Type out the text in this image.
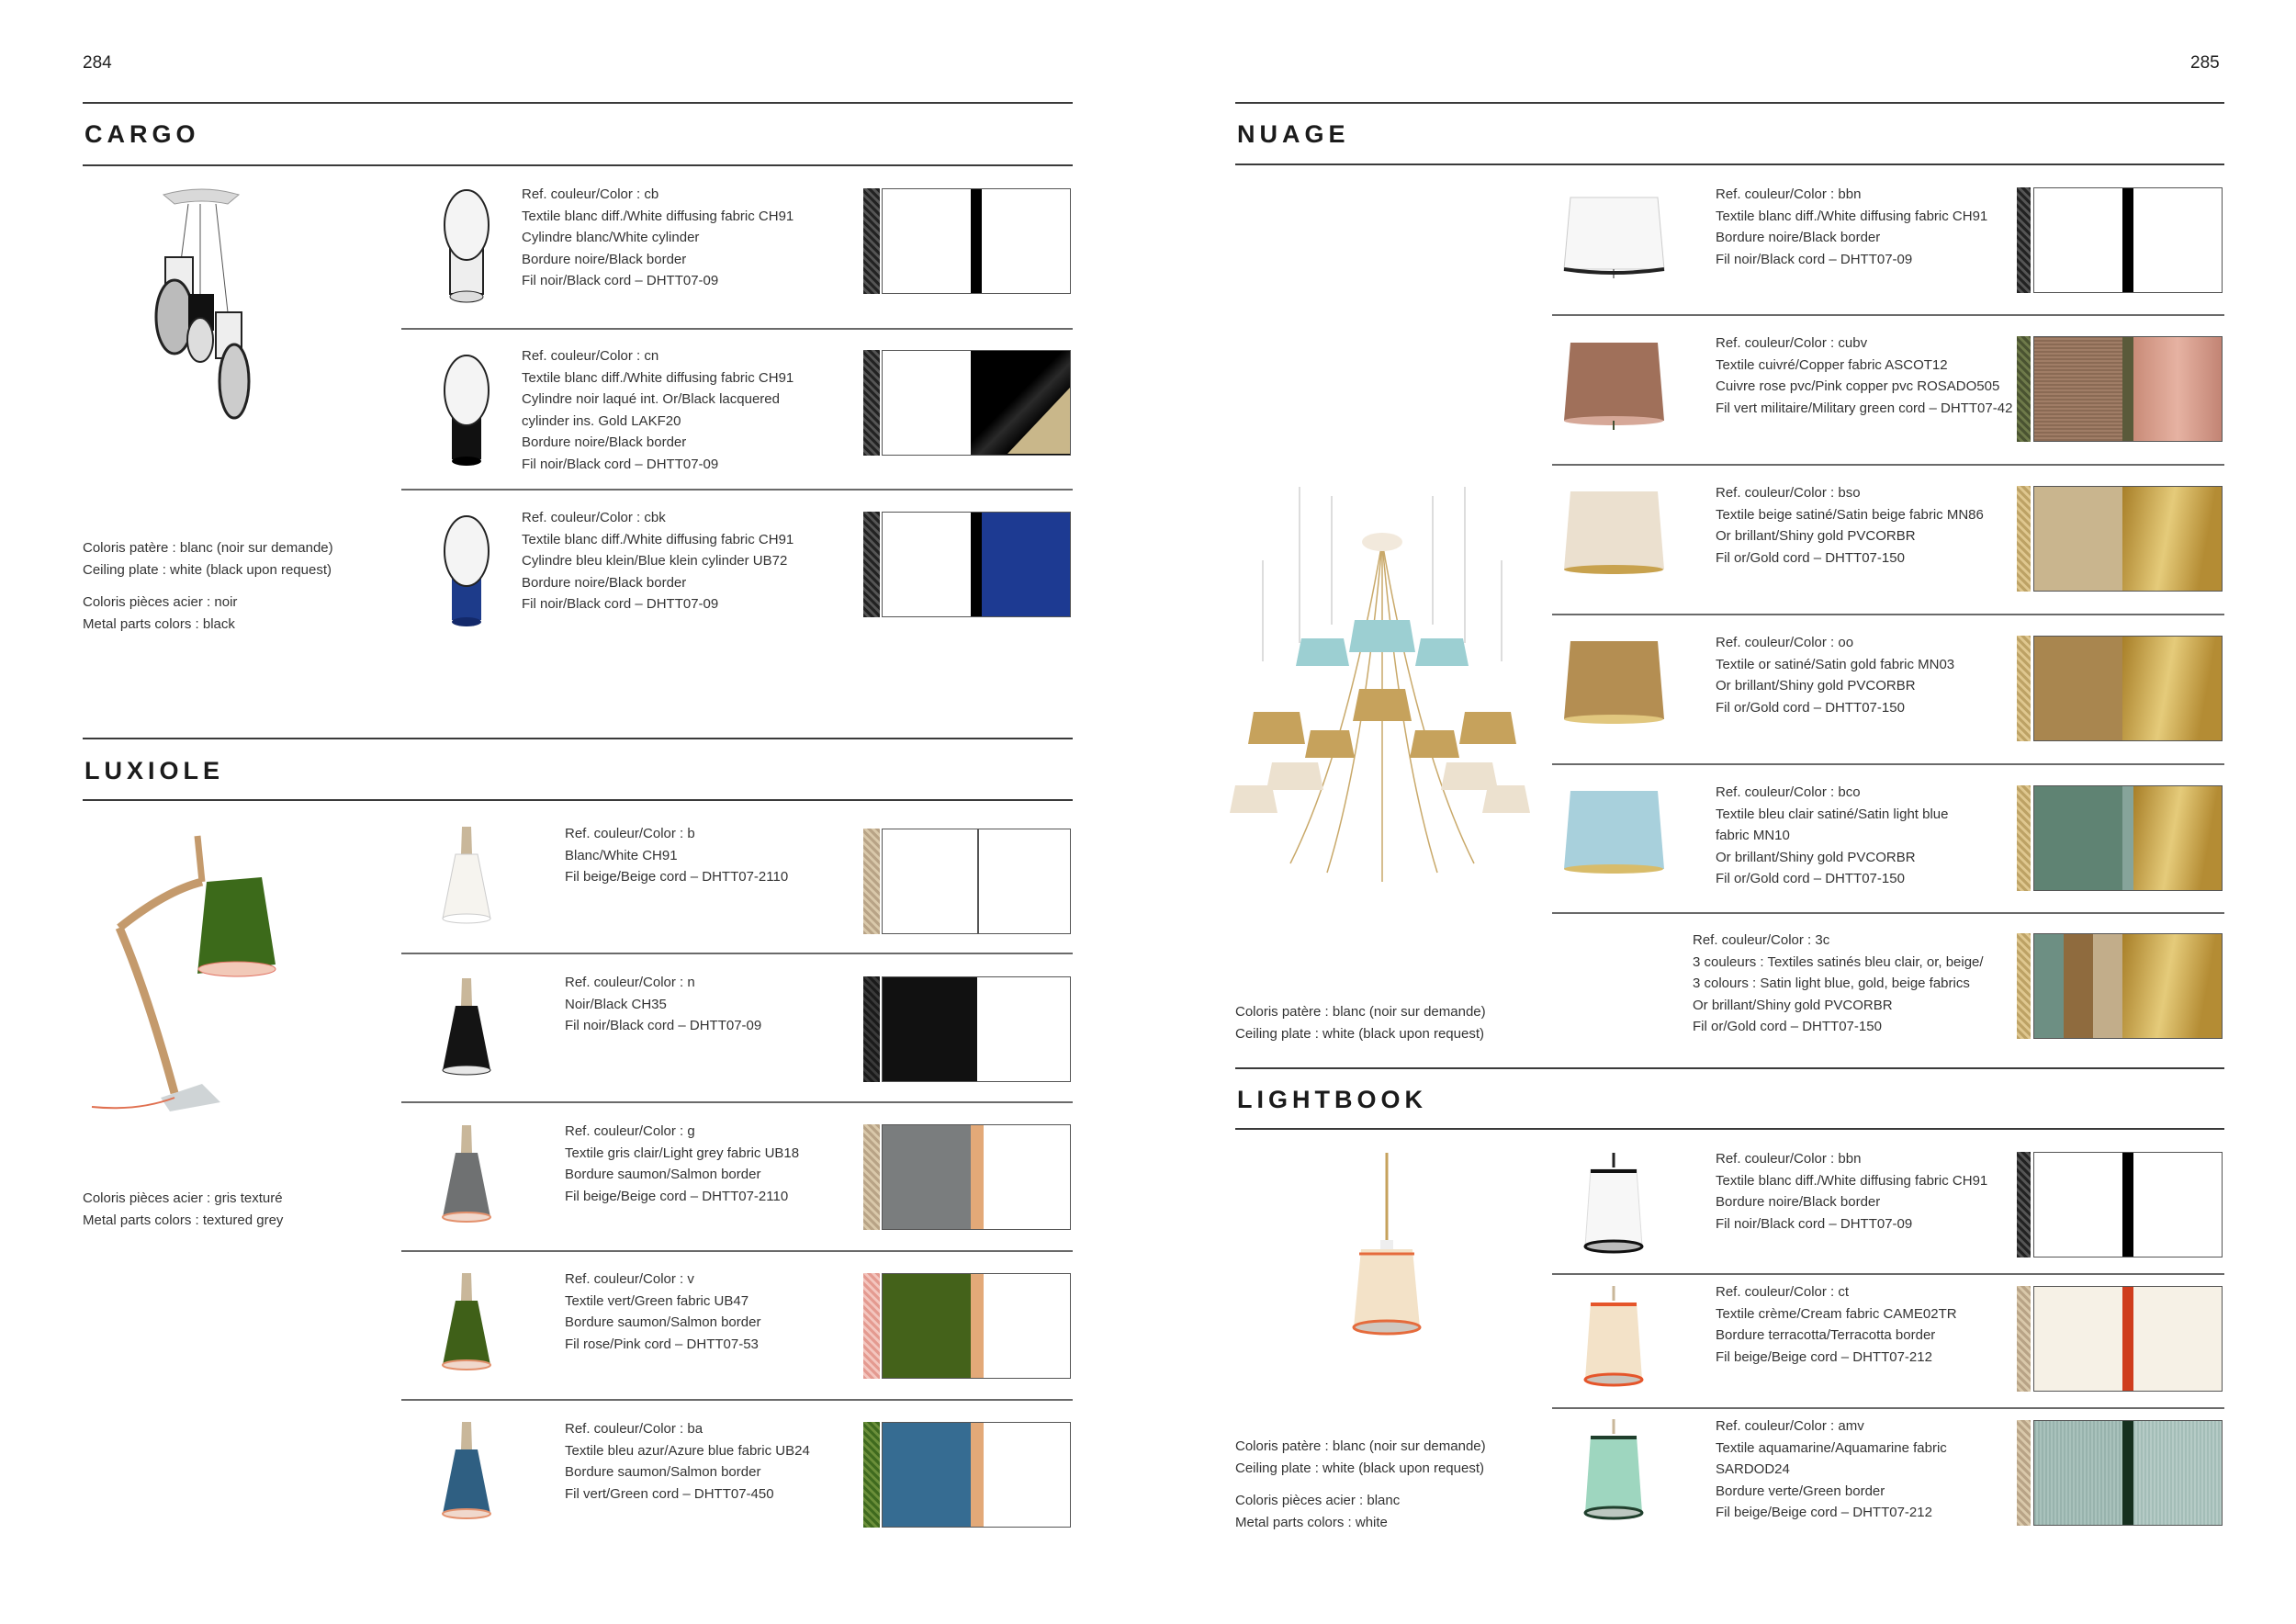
284	285
CARGO
Coloris patère : blanc (noir sur demande)
Ceiling plate : white (black upon request)
Coloris pièces acier : noir
Metal parts colors : black
Ref. couleur/Color : cb
Textile blanc diff./White diffusing fabric CH91
Cylindre blanc/White cylinder
Bordure noire/Black border
Fil noir/Black cord – DHTT07-09
Ref. couleur/Color : cn
Textile blanc diff./White diffusing fabric CH91
Cylindre noir laqué int. Or/Black lacquered
cylinder ins. Gold LAKF20
Bordure noire/Black border
Fil noir/Black cord – DHTT07-09
Ref. couleur/Color : cbk
Textile blanc diff./White diffusing fabric CH91
Cylindre bleu klein/Blue klein cylinder UB72
Bordure noire/Black border
Fil noir/Black cord – DHTT07-09
LUXIOLE
Coloris pièces acier : gris texturé
Metal parts colors : textured grey
Ref. couleur/Color : b
Blanc/White CH91
Fil beige/Beige cord – DHTT07-2110
Ref. couleur/Color : n
Noir/Black CH35
Fil noir/Black cord – DHTT07-09
Ref. couleur/Color : g
Textile gris clair/Light grey fabric UB18
Bordure saumon/Salmon border
Fil beige/Beige cord – DHTT07-2110
Ref. couleur/Color : v
Textile vert/Green fabric UB47
Bordure saumon/Salmon border
Fil rose/Pink cord – DHTT07-53
Ref. couleur/Color : ba
Textile bleu azur/Azure blue fabric UB24
Bordure saumon/Salmon border
Fil vert/Green cord – DHTT07-450
NUAGE
Coloris patère : blanc (noir sur demande)
Ceiling plate : white (black upon request)
Ref. couleur/Color : bbn
Textile blanc diff./White diffusing fabric CH91
Bordure noire/Black border
Fil noir/Black cord – DHTT07-09
Ref. couleur/Color : cubv
Textile cuivré/Copper fabric ASCOT12
Cuivre rose pvc/Pink copper pvc ROSADO505
Fil vert militaire/Military green cord – DHTT07-42
Ref. couleur/Color : bso
Textile beige satiné/Satin beige fabric MN86
Or brillant/Shiny gold PVCORBR
Fil or/Gold cord – DHTT07-150
Ref. couleur/Color : oo
Textile or satiné/Satin gold fabric MN03
Or brillant/Shiny gold PVCORBR
Fil or/Gold cord – DHTT07-150
Ref. couleur/Color : bco
Textile bleu clair satiné/Satin light blue
fabric MN10
Or brillant/Shiny gold PVCORBR
Fil or/Gold cord – DHTT07-150
Ref. couleur/Color : 3c
3 couleurs : Textiles satinés bleu clair, or, beige/
3 colours : Satin light blue, gold, beige fabrics
Or brillant/Shiny gold PVCORBR
Fil or/Gold cord – DHTT07-150
LIGHTBOOK
Coloris patère : blanc (noir sur demande)
Ceiling plate : white (black upon request)
Coloris pièces acier : blanc
Metal parts colors : white
Ref. couleur/Color : bbn
Textile blanc diff./White diffusing fabric CH91
Bordure noire/Black border
Fil noir/Black cord – DHTT07-09
Ref. couleur/Color : ct
Textile crème/Cream fabric CAME02TR
Bordure terracotta/Terracotta border
Fil beige/Beige cord – DHTT07-212
Ref. couleur/Color : amv
Textile aquamarine/Aquamarine fabric
SARDOD24
Bordure verte/Green border
Fil beige/Beige cord – DHTT07-212
